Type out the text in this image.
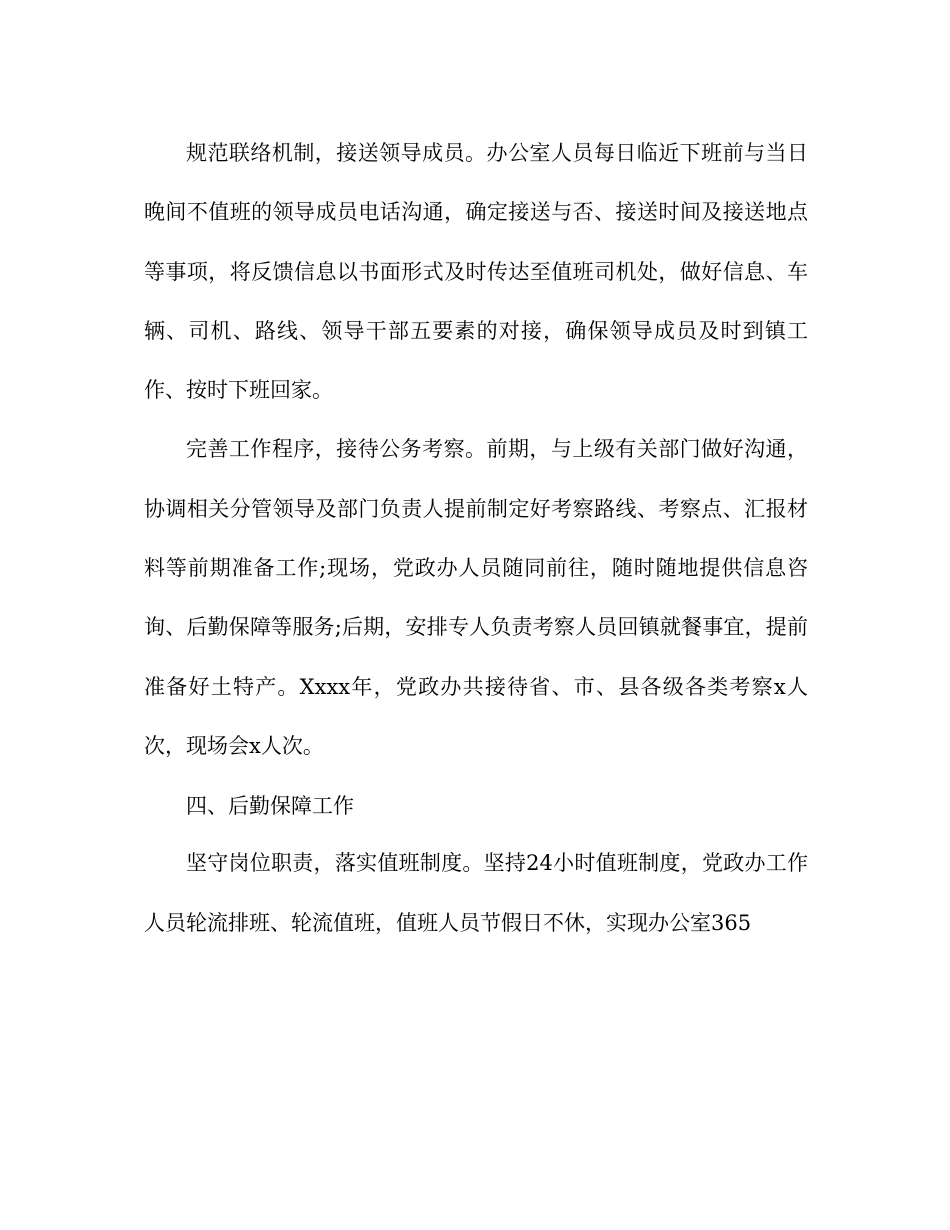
规范联络机制，接送领导成员。办公室人员每日临近下班前与当日晚间不值班的领导成员电话沟通，确定接送与否、接送时间及接送地点等事项，将反馈信息以书面形式及时传达至值班司机处，做好信息、车辆、司机、路线、领导干部五要素的对接，确保领导成员及时到镇工作、按时下班回家。

完善工作程序，接待公务考察。前期，与上级有关部门做好沟通，协调相关分管领导及部门负责人提前制定好考察路线、考察点、汇报材料等前期准备工作;现场，党政办人员随同前往，随时随地提供信息咨询、后勤保障等服务;后期，安排专人负责考察人员回镇就餐事宜，提前准备好土特产。Xxxx年，党政办共接待省、市、县各级各类考察x人次，现场会x人次。

四、后勤保障工作

坚守岗位职责，落实值班制度。坚持24小时值班制度，党政办工作人员轮流排班、轮流值班，值班人员节假日不休，实现办公室365
